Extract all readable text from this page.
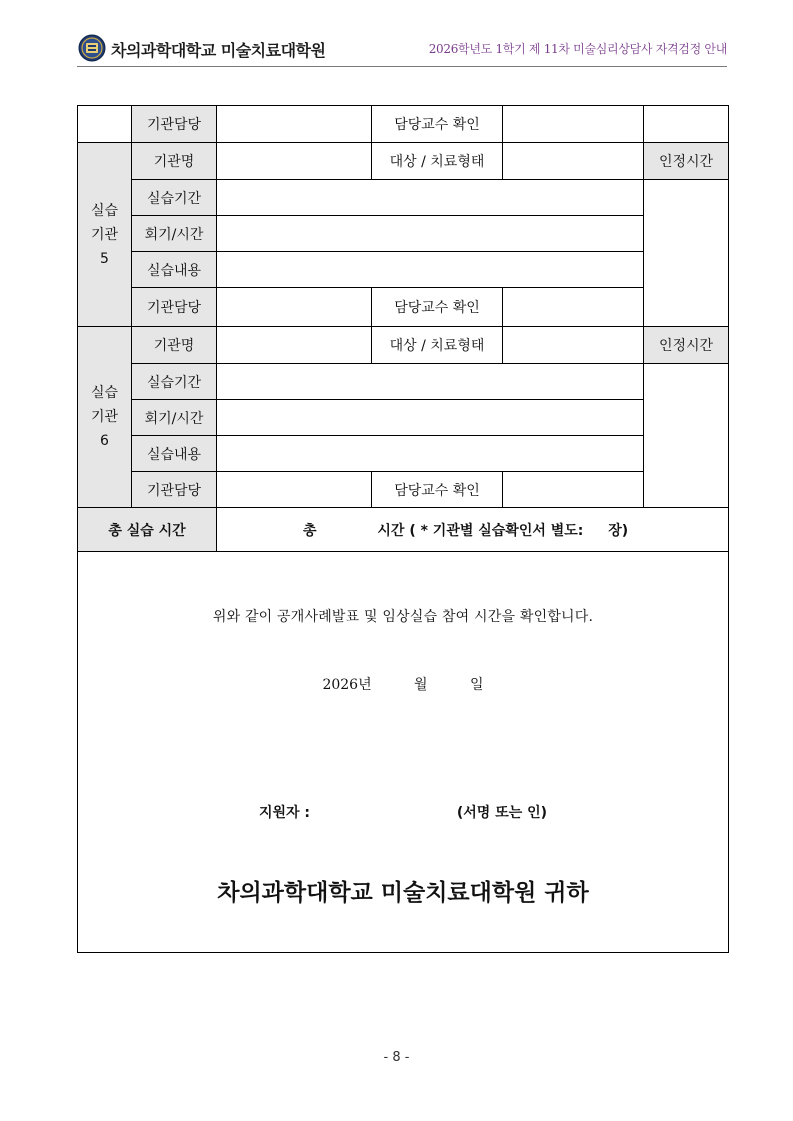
차의과학대학교 미술치료대학원	2026학년도 1학기 제 11차 미술심리상담사 자격검정 안내
	기관담당		담당교수 확인		

실습
기관
5	기관명		대상 / 치료형태		인정시간
	실습기간				
	회기/시간				
	실습내용				
	기관담당		담당교수 확인		

실습
기관
6	기관명		대상 / 치료형태		인정시간
	실습기간				
	회기/시간				
	실습내용				
	기관담당		담당교수 확인		
총 실습 시간		총 시간 ( * 기관별 실습확인서 별도: 장)			

위와 같이 공개사례발표 및 임상실습 참여 시간을 확인합니다.
2026년 월 일
지원자 : (서명 또는 인)
차의과학대학교 미술치료대학원 귀하					
- 8 -
